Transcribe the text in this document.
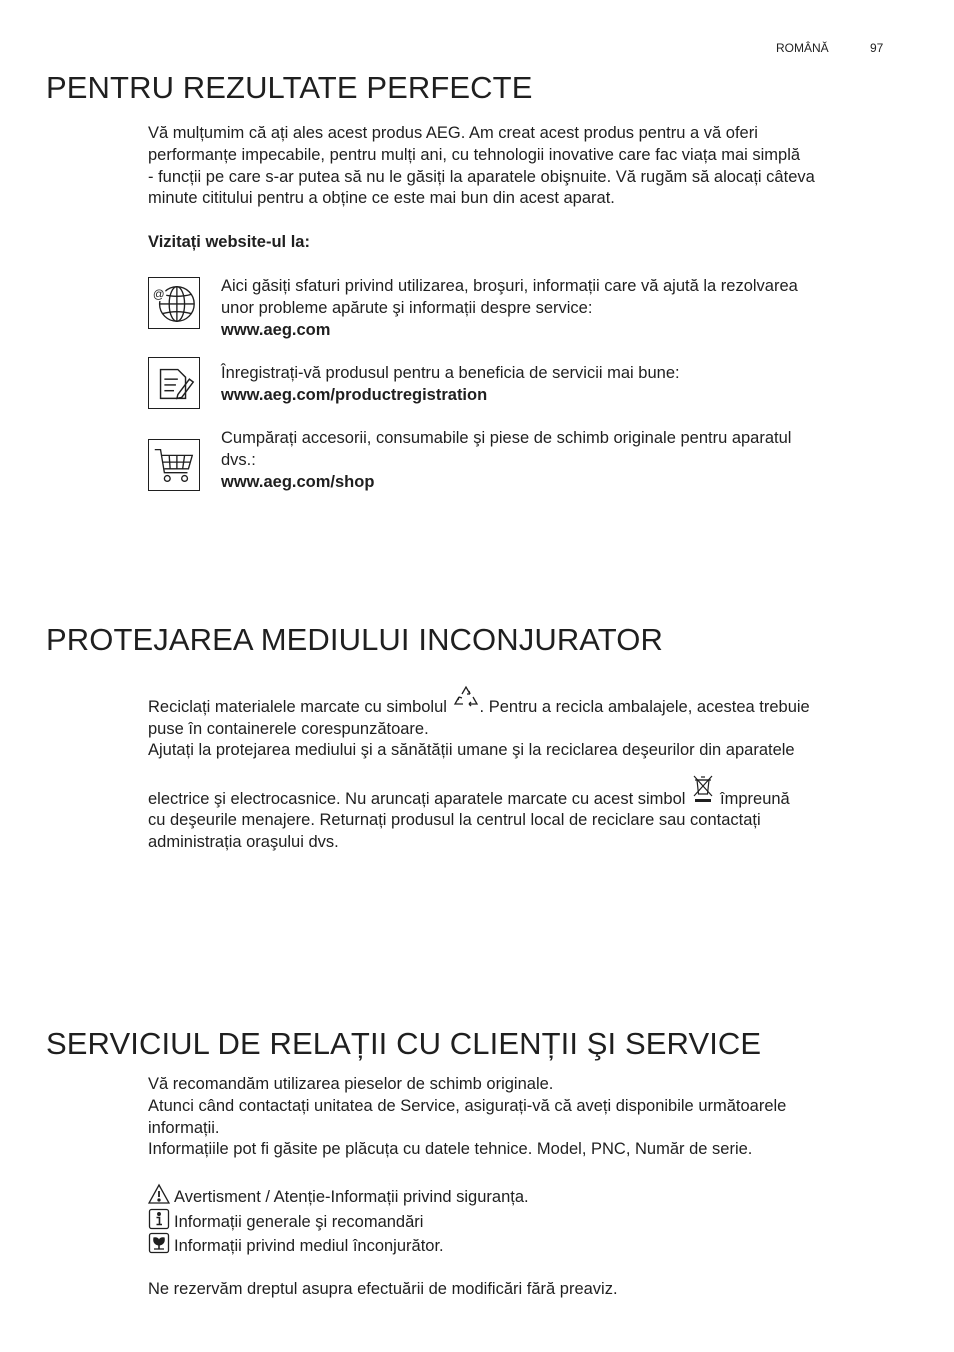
ROMÂNĂ	97
PENTRU REZULTATE PERFECTE

Vă mulțumim că ați ales acest produs AEG. Am creat acest produs pentru a vă oferi

performanțe impecabile, pentru mulți ani, cu tehnologii inovative care fac viața mai simplă

- funcții pe care s-ar putea să nu le găsiți la aparatele obişnuite. Vă rugăm să alocați câteva

minute cititului pentru a obține ce este mai bun din acest aparat.

Vizitați website-ul la:
@
Aici găsiți sfaturi privind utilizarea, broşuri, informații care vă ajută la rezolvarea
unor probleme apărute şi informații despre service:
www.aeg.com
Înregistrați-vă produsul pentru a beneficia de servicii mai bune:
www.aeg.com/productregistration
Cumpărați accesorii, consumabile şi piese de schimb originale pentru aparatul
dvs.:
www.aeg.com/shop
PROTEJAREA MEDIULUI INCONJURATOR

Reciclați materialele marcate cu simbolul . Pentru a recicla ambalajele, acestea trebuie

puse în containerele corespunzătoare.

Ajutați la protejarea mediului şi a sănătății umane şi la reciclarea deşeurilor din aparatele

electrice şi electrocasnice. Nu aruncați aparatele marcate cu acest simbol împreună

cu deşeurile menajere. Returnați produsul la centrul local de reciclare sau contactați

administrația oraşului dvs.

SERVICIUL DE RELAȚII CU CLIENȚII ŞI SERVICE

Vă recomandăm utilizarea pieselor de schimb originale.

Atunci când contactați unitatea de Service, asigurați-vă că aveți disponibile următoarele

informații.

Informațiile pot fi găsite pe plăcuța cu datele tehnice. Model, PNC, Număr de serie.

Avertisment / Atenție-Informații privind siguranța.
Informații generale şi recomandări
Informații privind mediul înconjurător.
Ne rezervăm dreptul asupra efectuării de modificări fără preaviz.
